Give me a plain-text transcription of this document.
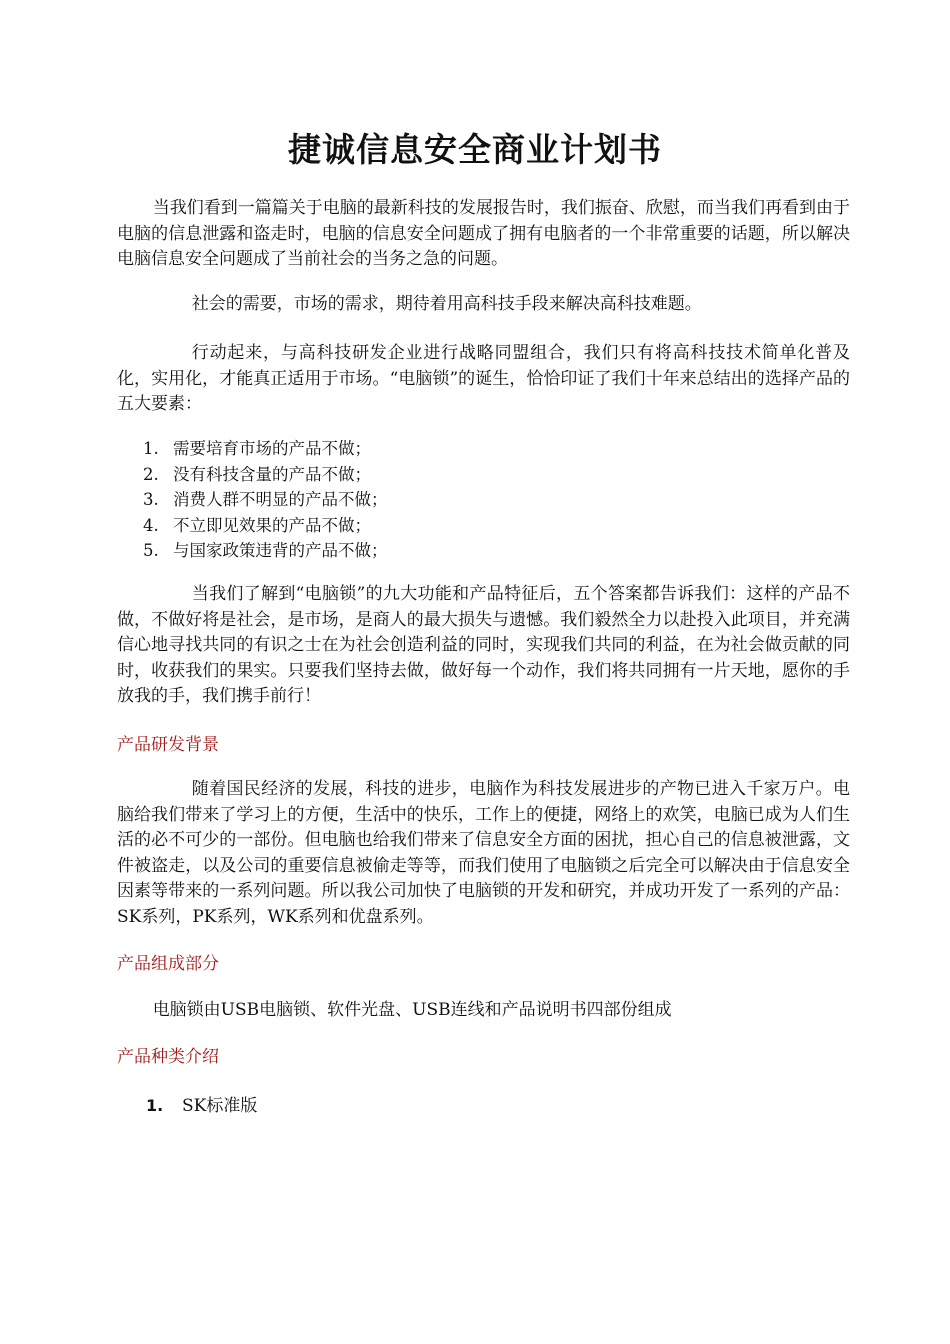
捷诚信息安全商业计划书

当我们看到一篇篇关于电脑的最新科技的发展报告时，我们振奋、欣慰，而当我们再看到由于电脑的信息泄露和盗走时，电脑的信息安全问题成了拥有电脑者的一个非常重要的话题，所以解决电脑信息安全问题成了当前社会的当务之急的问题。

社会的需要，市场的需求，期待着用高科技手段来解决高科技难题。

行动起来，与高科技研发企业进行战略同盟组合，我们只有将高科技技术简单化普及化，实用化，才能真正适用于市场。“电脑锁”的诞生，恰恰印证了我们十年来总结出的选择产品的五大要素：

1. 需要培育市场的产品不做；
2. 没有科技含量的产品不做；
3. 消费人群不明显的产品不做；
4. 不立即见效果的产品不做；
5. 与国家政策违背的产品不做；

当我们了解到“电脑锁”的九大功能和产品特征后，五个答案都告诉我们：这样的产品不做，不做好将是社会，是市场，是商人的最大损失与遗憾。我们毅然全力以赴投入此项目，并充满信心地寻找共同的有识之士在为社会创造利益的同时，实现我们共同的利益，在为社会做贡献的同时，收获我们的果实。只要我们坚持去做，做好每一个动作，我们将共同拥有一片天地，愿你的手放我的手，我们携手前行！

产品研发背景

随着国民经济的发展，科技的进步，电脑作为科技发展进步的产物已进入千家万户。电脑给我们带来了学习上的方便，生活中的快乐，工作上的便捷，网络上的欢笑，电脑已成为人们生活的必不可少的一部份。但电脑也给我们带来了信息安全方面的困扰，担心自己的信息被泄露，文件被盗走，以及公司的重要信息被偷走等等，而我们使用了电脑锁之后完全可以解决由于信息安全因素等带来的一系列问题。所以我公司加快了电脑锁的开发和研究，并成功开发了一系列的产品：SK系列，PK系列，WK系列和优盘系列。

产品组成部分

电脑锁由USB电脑锁、软件光盘、USB连线和产品说明书四部份组成

产品种类介绍
1. SK标准版
